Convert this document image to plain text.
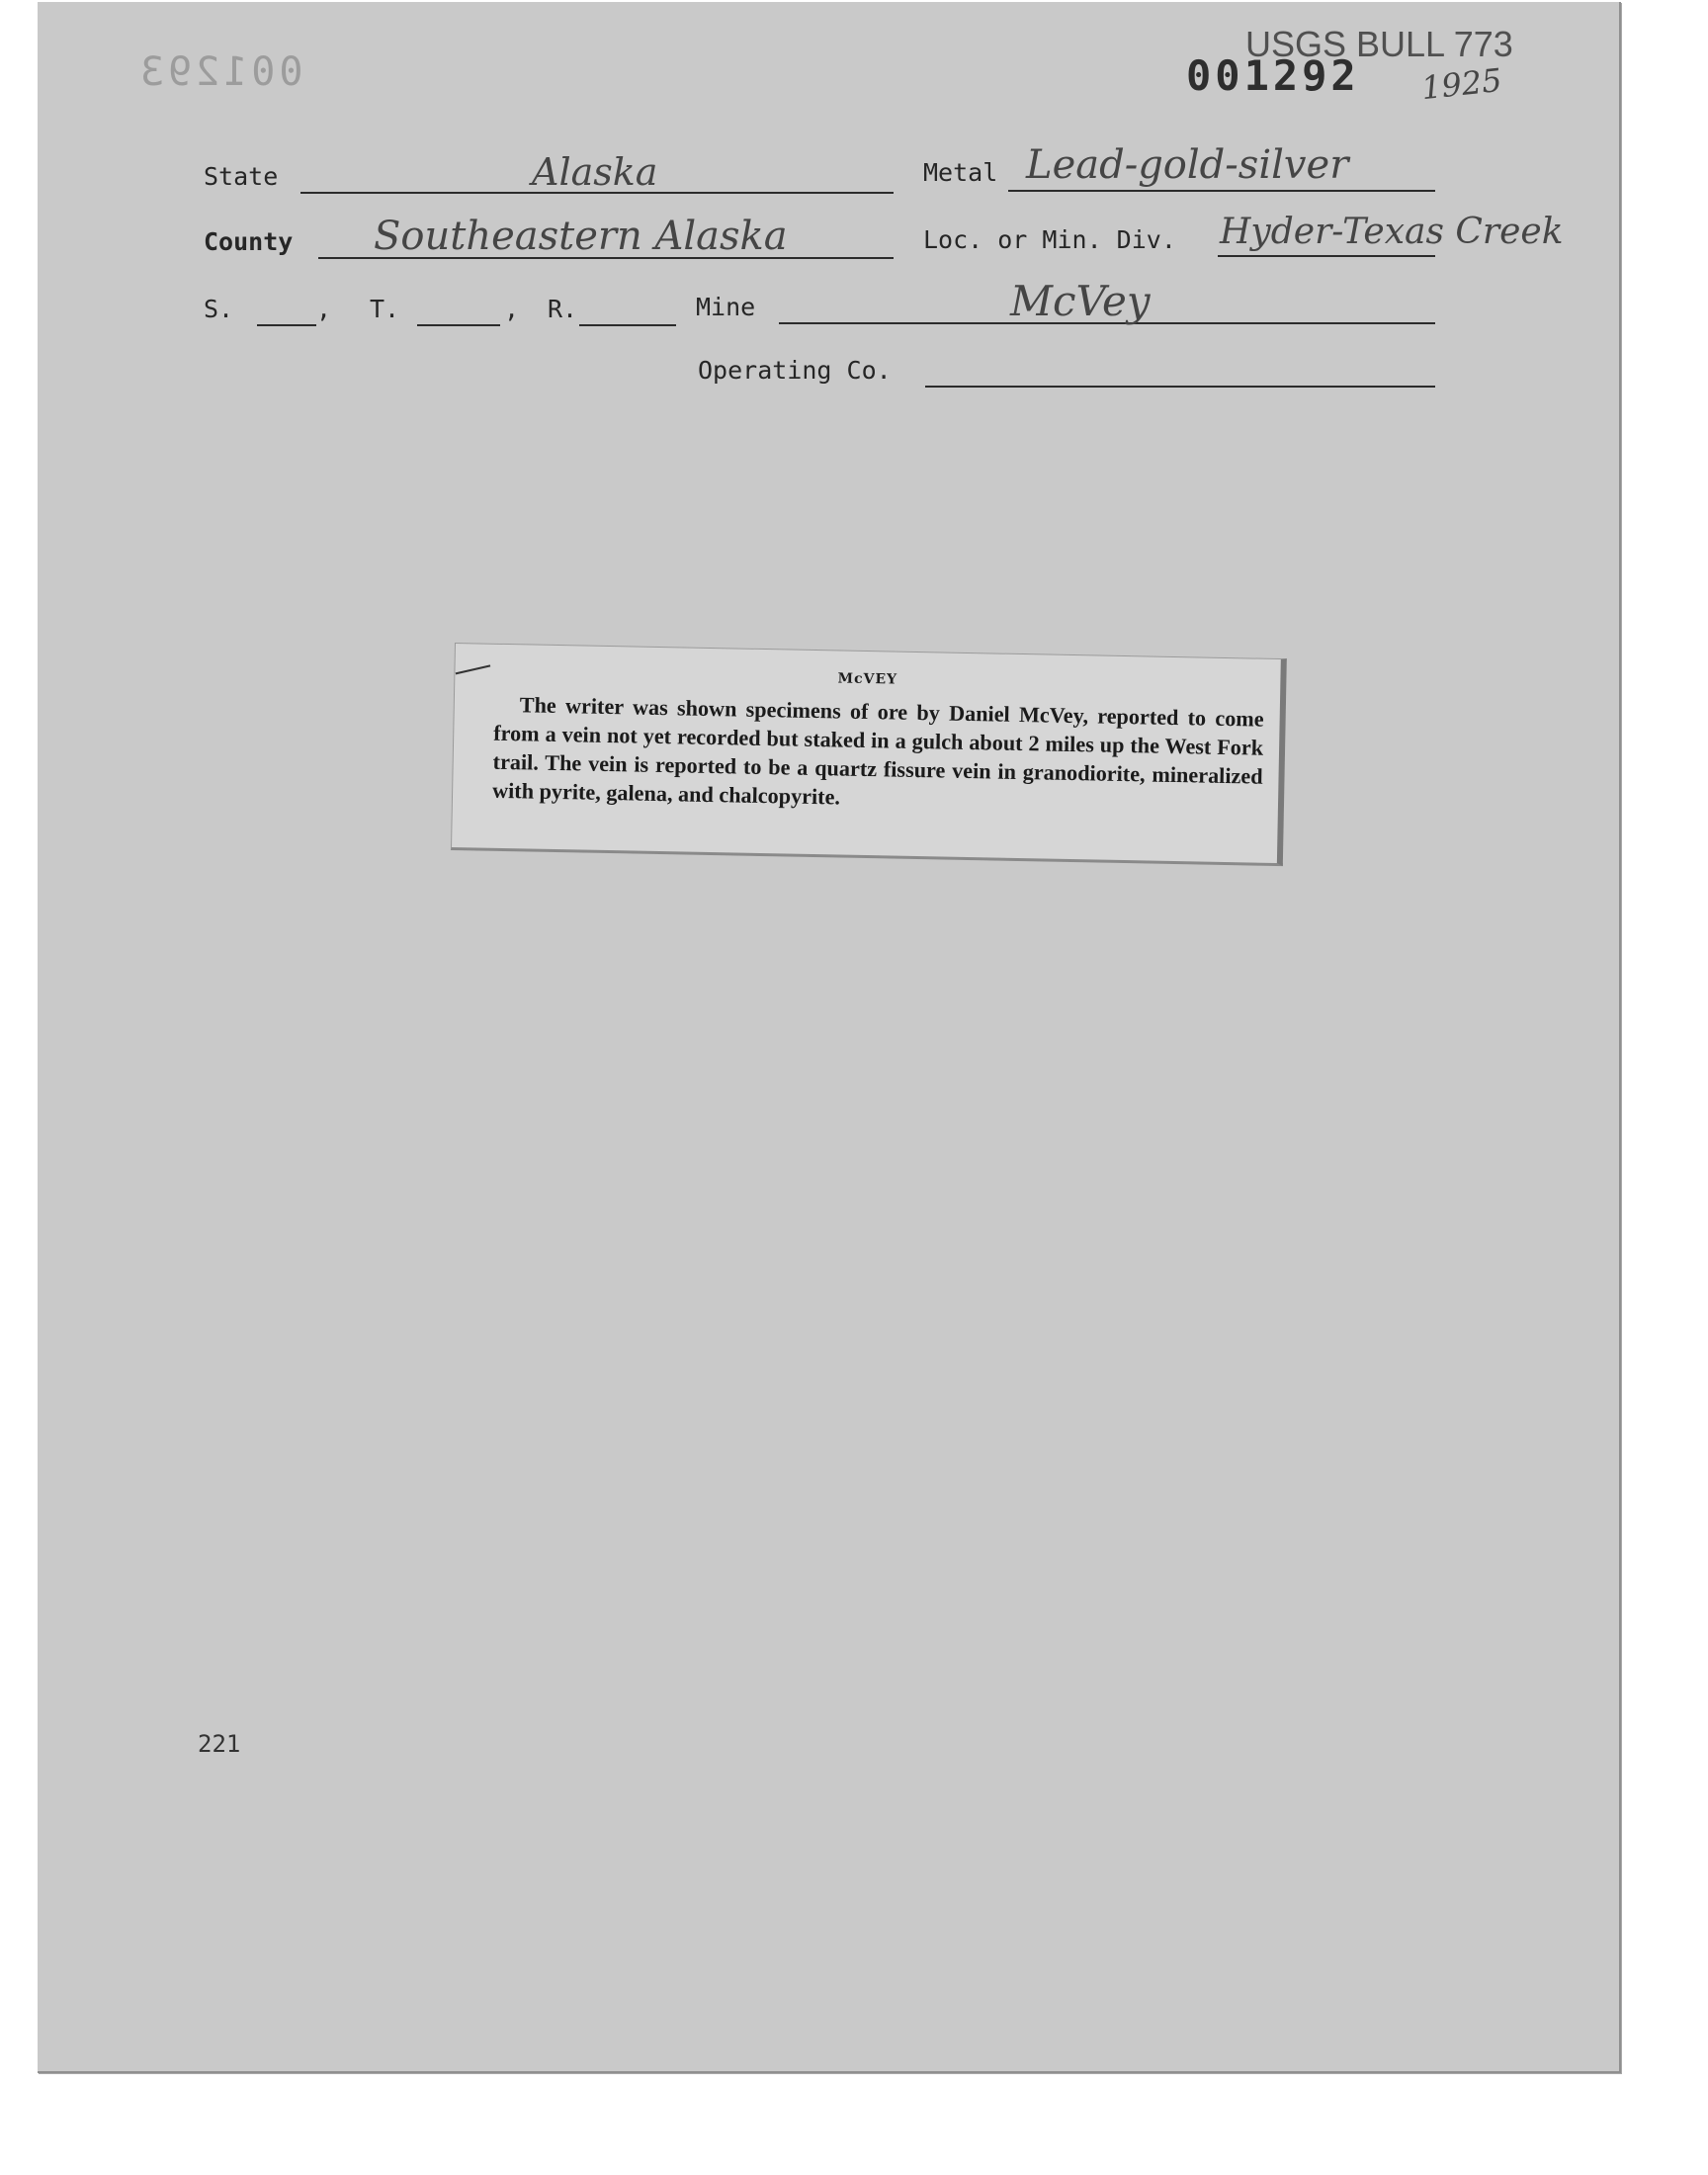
001293	001292
USGS BULL 773
1925
State	Alaska	Metal Lead-gold-silver
County Southeastern Alaska	Loc. or Min. Div. Hyder-Texas Creek
S.	, T.	, R.	Mine	McVey
Operating Co.
McVEY
The writer was shown specimens of ore by Daniel McVey, reported to come from a vein not yet recorded but staked in a gulch about 2 miles up the West Fork trail. The vein is reported to be a quartz fissure vein in granodiorite, mineralized with pyrite, galena, and chalcopyrite.
221
